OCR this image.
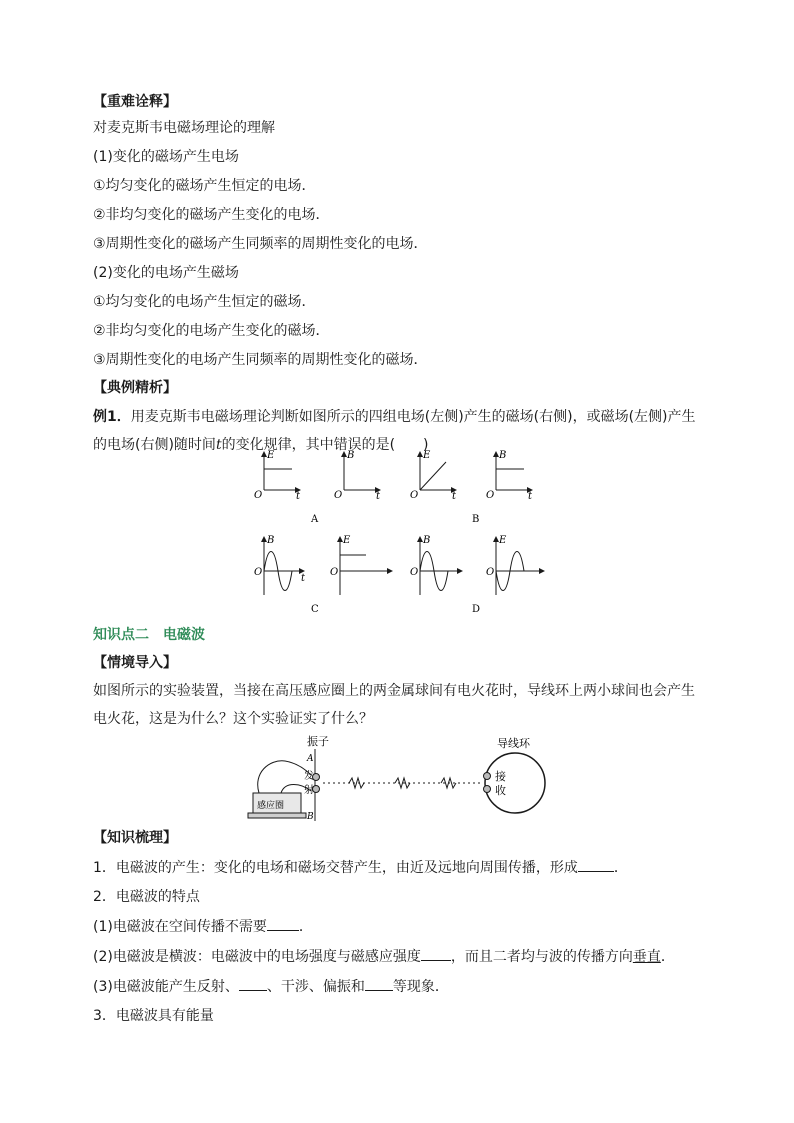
【重难诠释】

对麦克斯韦电磁场理论的理解

(1)变化的磁场产生电场

①均匀变化的磁场产生恒定的电场．

②非均匀变化的磁场产生变化的电场．

③周期性变化的磁场产生同频率的周期性变化的电场．

(2)变化的电场产生磁场

①均匀变化的电场产生恒定的磁场．

②非均匀变化的电场产生变化的磁场．

③周期性变化的电场产生同频率的周期性变化的磁场．

【典例精析】

例1．用麦克斯韦电磁场理论判断如图所示的四组电场(左侧)产生的磁场(右侧)，或磁场(左侧)产生

的电场(右侧)随时间t的变化规律，其中错误的是(　　)

E
O	t
B
O	t
E
O	t
B
O	t
A	B
B
O
t
E
O
B
O
E
O
C	D

知识点二　电磁波

【情境导入】

如图所示的实验装置，当接在高压感应圈上的两金属球间有电火花时，导线环上两小球间也会产生

电火花，这是为什么？这个实验证实了什么？

感应圈
振子
A
B
发
射
导线环
接
收

【知识梳理】

1．电磁波的产生：变化的电场和磁场交替产生，由近及远地向周围传播，形成	．

2．电磁波的特点

(1)电磁波在空间传播不需要 ．

(2)电磁波是横波：电磁波中的电场强度与磁感应强度 ，而且二者均与波的传播方向垂直．

(3)电磁波能产生反射、 、干涉、偏振和 等现象．

3．电磁波具有能量
